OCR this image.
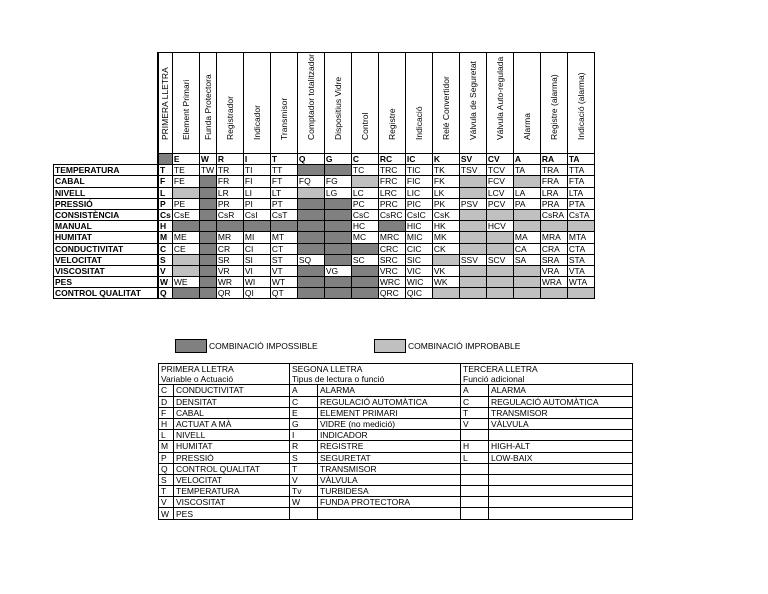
	PRIMERA LLETRA	Element Primari	Funda Protectora	Registrador	Indicador	Transmisor	Comptador totalitzador	Dispositius Vidre	Control	Registre	Indicació	Relé Convertidor	Válvula de Seguretat	Válvula Auto-regulada	Alarma	Registre (alarma)	Indicació (alarma)

		E	W	R	I	T	Q	G	C	RC	IC	K	SV	CV	A	RA	TA
TEMPERATURA	T	TE	TW	TR	TI	TT			TC	TRC	TIC	TK	TSV	TCV	TA	TRA	TTA
CABAL	F	FE		FR	FI	FT	FQ	FG		FRC	FIC	FK		FCV		FRA	FTA
NIVELL	L			LR	LI	LT		LG	LC	LRC	LIC	LK		LCV	LA	LRA	LTA
PRESSIÓ	P	PE		PR	PI	PT			PC	PRC	PIC	PK	PSV	PCV	PA	PRA	PTA
CONSISTÈNCIA	Cs	CsE		CsR	CsI	CsT			CsC	CsRC	CsIC	CsK				CsRA	CsTA
MANUAL	H								HC		HIC	HK		HCV			
HUMITAT	M	ME		MR	MI	MT			MC	MRC	MIC	MK			MA	MRA	MTA
CONDUCTIVITAT	C	CE		CR	CI	CT				CRC	CIC	CK			CA	CRA	CTA
VELOCITAT	S			SR	SI	ST	SQ		SC	SRC	SIC		SSV	SCV	SA	SRA	STA
VISCOSITAT	V			VR	VI	VT		VG		VRC	VIC	VK				VRA	VTA
PES	W	WE		WR	WI	WT				WRC	WIC	WK				WRA	WTA
CONTROL QUALITAT	Q			QR	QI	QT				QRC	QIC						
COMBINACIÓ IMPOSSIBLE	COMBINACIÓ IMPROBABLE
PRIMERA LLETRA		SEGONA LLETRA		TERCERA LLETRA	
Variable o Actuació		Tipus de lectura o funció		Funció adicional	
C	CONDUCTIVITAT	A	ALARMA	A	ALARMA
D	DENSITAT	C	REGULACIÓ AUTOMÀTICA	C	REGULACIÓ AUTOMÀTICA
F	CABAL	E	ELEMENT PRIMARI	T	TRANSMISOR
H	ACTUAT A MÀ	G	VIDRE (no medició)	V	VÀLVULA
L	NIVELL	I	INDICADOR		
M	HUMITAT	R	REGISTRE	H	HIGH-ALT
P	PRESSIÓ	S	SEGURETAT	L	LOW-BAIX
Q	CONTROL QUALITAT	T	TRANSMISOR		
S	VELOCITAT	V	VÀLVULA		
T	TEMPERATURA	Tv	TURBIDESA		
V	VISCOSITAT	W	FUNDA PROTECTORA		
W	PES				
